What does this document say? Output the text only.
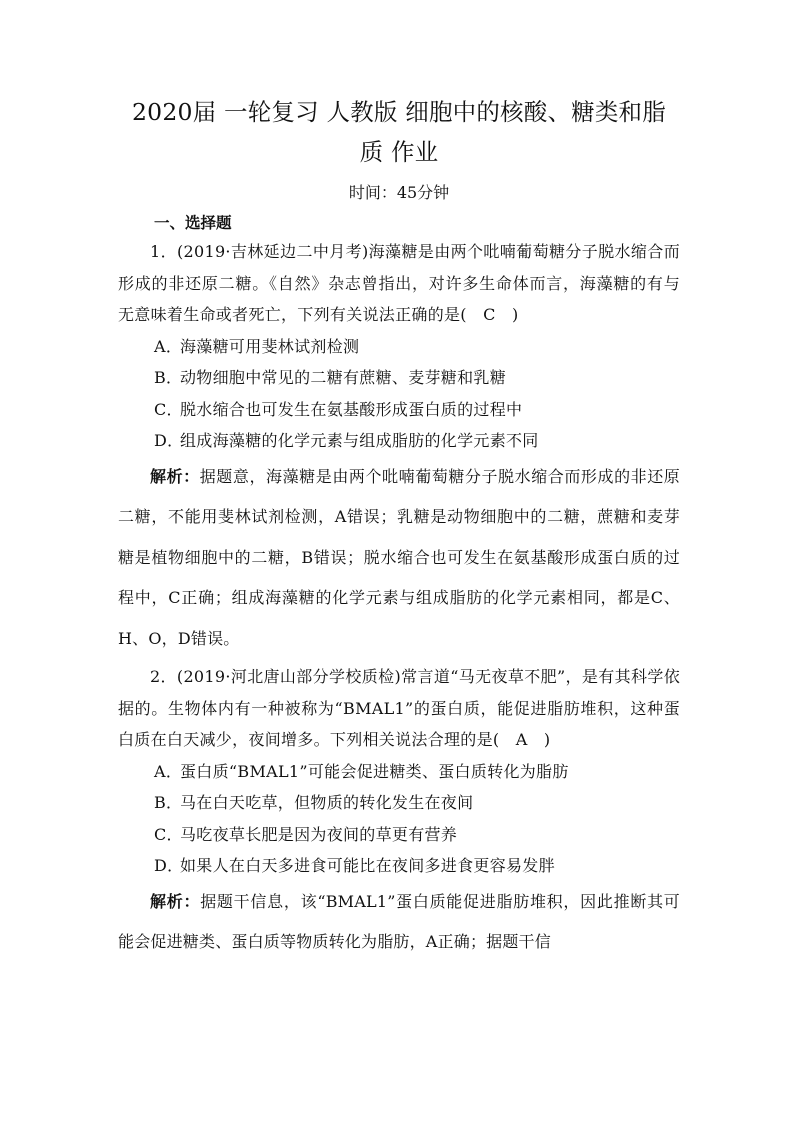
2020届 一轮复习 人教版 细胞中的核酸、糖类和脂
质 作业

时间：45分钟

一、选择题

1．(2019·吉林延边二中月考)海藻糖是由两个吡喃葡萄糖分子脱水缩合而形成的非还原二糖。《自然》杂志曾指出，对许多生命体而言，海藻糖的有与无意味着生命或者死亡，下列有关说法正确的是(　C　)

A．海藻糖可用斐林试剂检测

B．动物细胞中常见的二糖有蔗糖、麦芽糖和乳糖

C．脱水缩合也可发生在氨基酸形成蛋白质的过程中

D．组成海藻糖的化学元素与组成脂肪的化学元素不同

解析：据题意，海藻糖是由两个吡喃葡萄糖分子脱水缩合而形成的非还原二糖，不能用斐林试剂检测，A错误；乳糖是动物细胞中的二糖，蔗糖和麦芽糖是植物细胞中的二糖，B错误；脱水缩合也可发生在氨基酸形成蛋白质的过程中，C正确；组成海藻糖的化学元素与组成脂肪的化学元素相同，都是C、H、O，D错误。

2．(2019·河北唐山部分学校质检)常言道“马无夜草不肥”，是有其科学依据的。生物体内有一种被称为“BMAL1”的蛋白质，能促进脂肪堆积，这种蛋白质在白天减少，夜间增多。下列相关说法合理的是(　A　)

A．蛋白质“BMAL1”可能会促进糖类、蛋白质转化为脂肪

B．马在白天吃草，但物质的转化发生在夜间

C．马吃夜草长肥是因为夜间的草更有营养

D．如果人在白天多进食可能比在夜间多进食更容易发胖

解析：据题干信息，该“BMAL1”蛋白质能促进脂肪堆积，因此推断其可能会促进糖类、蛋白质等物质转化为脂肪，A正确；据题干信
